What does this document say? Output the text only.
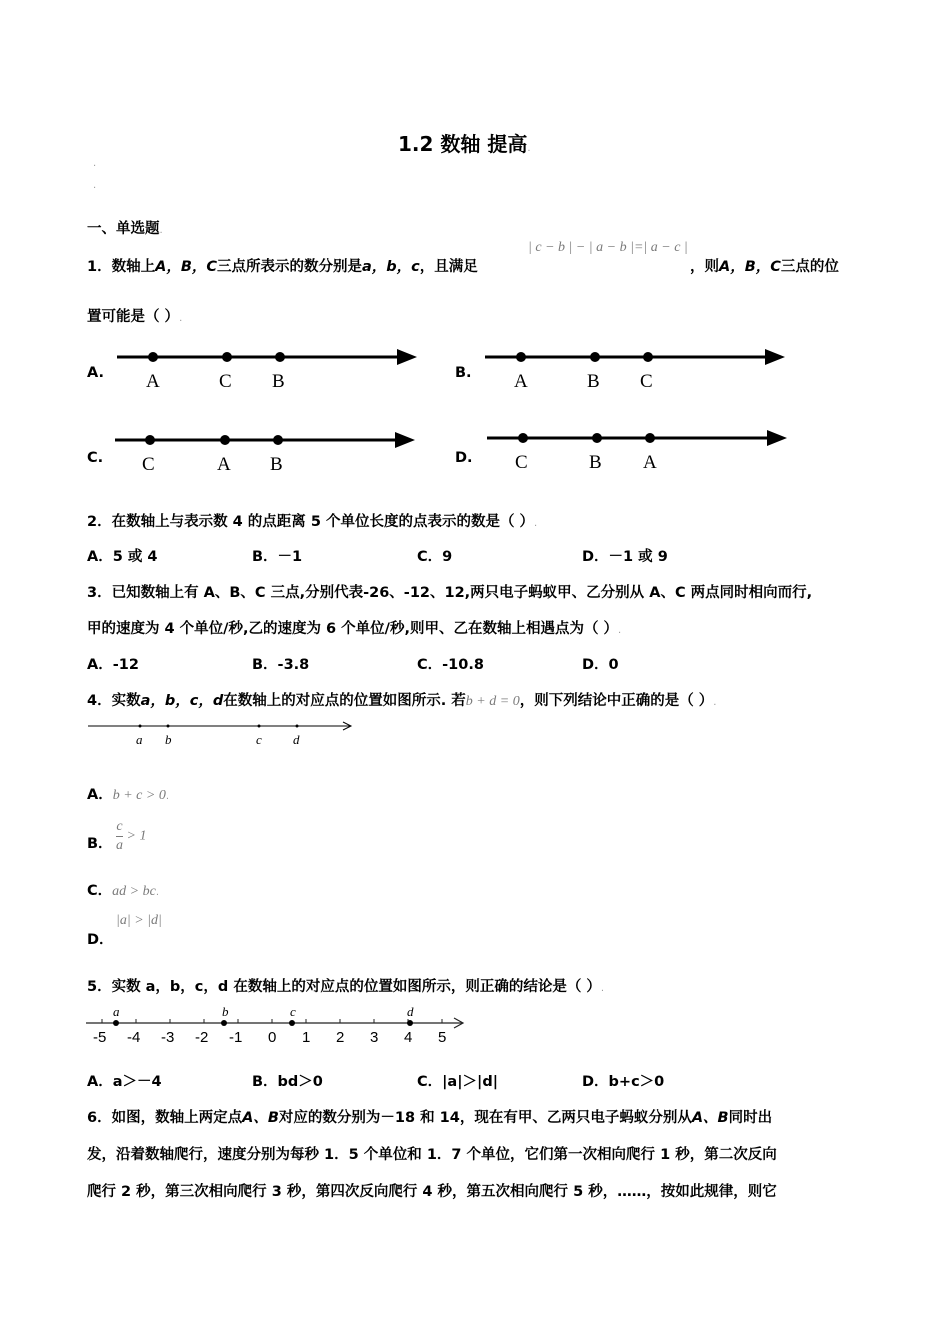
1.2 数轴 提高.
.
.
一、单选题.
1．数轴上A，B，C三点所表示的数分别是a，b，c，且满足
| c − b | − | a − b |=| a − c |
，则A，B，C三点的位
置可能是（ ）.
A. A	C B	B. A	B C
C. C	A B	D. C	B A
2．在数轴上与表示数 4 的点距离 5 个单位长度的点表示的数是（ ）.
A．5 或 4	B．－1	C．9	D．－1 或 9
3．已知数轴上有 A、B、C 三点,分别代表-26、-12、12,两只电子蚂蚁甲、乙分别从 A、C 两点同时相向而行,
甲的速度为 4 个单位/秒,乙的速度为 6 个单位/秒,则甲、乙在数轴上相遇点为（ ）.
A．-12	B．-3.8	C．-10.8	D．0
4．实数a，b，c，d在数轴上的对应点的位置如图所示. 若b + d = 0，则下列结论中正确的是（ ）.
a b	c d
A．b + c > 0.
B． $\frac{c}{a} > 1$
C．ad > bc.
D．
|a| > |d|
5．实数 a，b，c，d 在数轴上的对应点的位置如图所示，则正确的结论是（ ）.
-5 -4 -3 -2 -1 0 1 2 3 4 5
a	b	c	d
A．a＞－4	B．bd＞0	C．|a|＞|d|	D．b+c＞0
6．如图，数轴上两定点A、B对应的数分别为－18 和 14，现在有甲、乙两只电子蚂蚁分别从A、B同时出
发，沿着数轴爬行，速度分别为每秒 1．5 个单位和 1．7 个单位，它们第一次相向爬行 1 秒，第二次反向
爬行 2 秒，第三次相向爬行 3 秒，第四次反向爬行 4 秒，第五次相向爬行 5 秒，……，按如此规律，则它
